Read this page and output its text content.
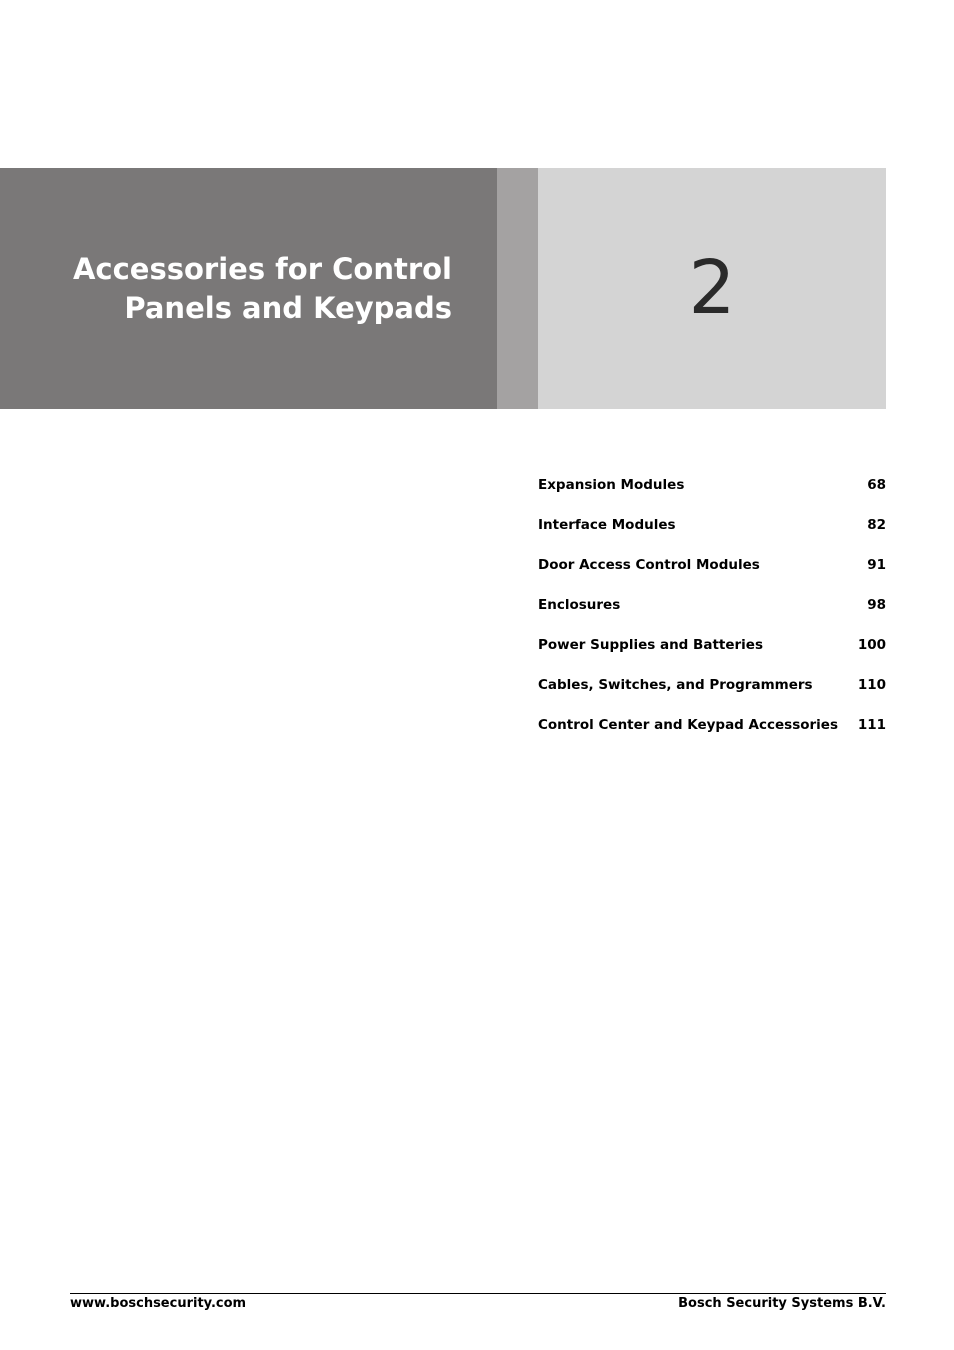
Accessories for Control
Panels and Keypads	2
Expansion Modules	68
Interface Modules	82
Door Access Control Modules	91
Enclosures	98
Power Supplies and Batteries	100
Cables, Switches, and Programmers	110
Control Center and Keypad Accessories 111
www.boschsecurity.com	Bosch Security Systems B.V.
